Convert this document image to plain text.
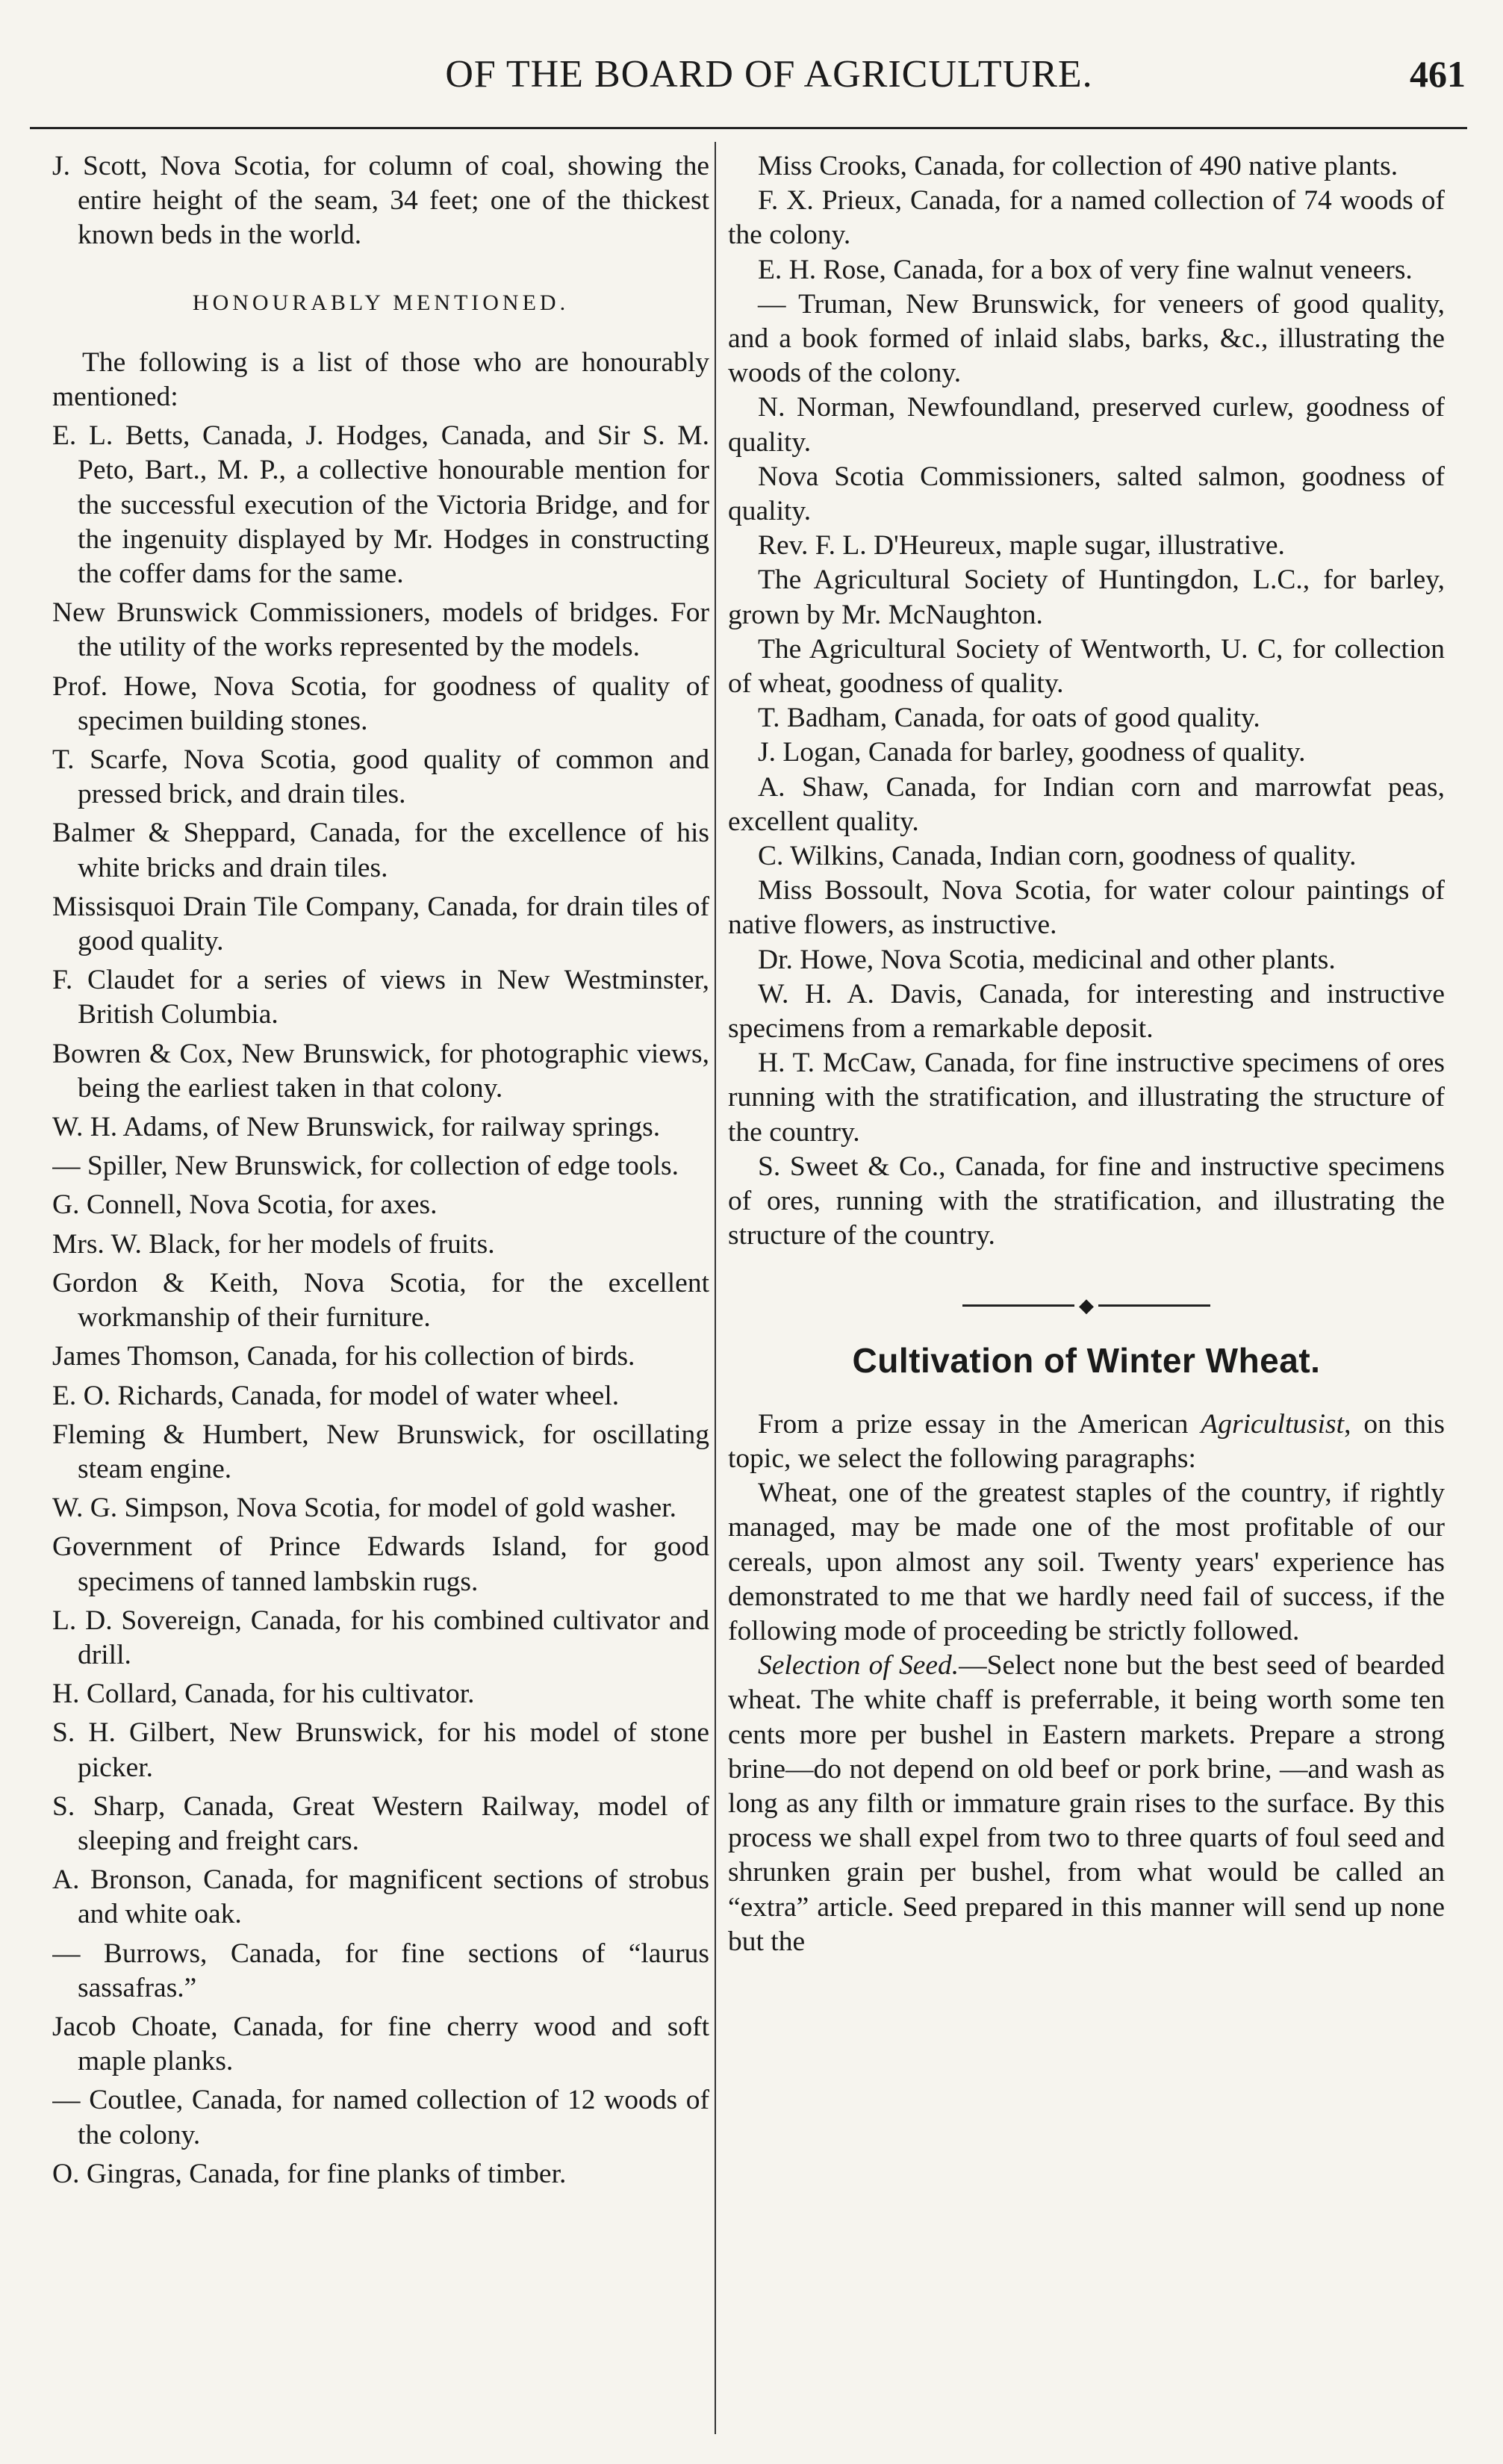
OF THE BOARD OF AGRICULTURE.	461

J. Scott, Nova Scotia, for column of coal, showing the entire height of the seam, 34 feet; one of the thickest known beds in the world.

HONOURABLY MENTIONED.

The following is a list of those who are honourably mentioned:

E. L. Betts, Canada, J. Hodges, Canada, and Sir S. M. Peto, Bart., M. P., a collective honourable mention for the successful execution of the Victoria Bridge, and for the ingenuity displayed by Mr. Hodges in constructing the coffer dams for the same.

New Brunswick Commissioners, models of bridges. For the utility of the works represented by the models.

Prof. Howe, Nova Scotia, for goodness of quality of specimen building stones.

T. Scarfe, Nova Scotia, good quality of common and pressed brick, and drain tiles.

Balmer & Sheppard, Canada, for the excellence of his white bricks and drain tiles.

Missisquoi Drain Tile Company, Canada, for drain tiles of good quality.

F. Claudet for a series of views in New Westminster, British Columbia.

Bowren & Cox, New Brunswick, for photographic views, being the earliest taken in that colony.

W. H. Adams, of New Brunswick, for railway springs.

— Spiller, New Brunswick, for collection of edge tools.

G. Connell, Nova Scotia, for axes.

Mrs. W. Black, for her models of fruits.

Gordon & Keith, Nova Scotia, for the excellent workmanship of their furniture.

James Thomson, Canada, for his collection of birds.

E. O. Richards, Canada, for model of water wheel.

Fleming & Humbert, New Brunswick, for oscillating steam engine.

W. G. Simpson, Nova Scotia, for model of gold washer.

Government of Prince Edwards Island, for good specimens of tanned lambskin rugs.

L. D. Sovereign, Canada, for his combined cultivator and drill.

H. Collard, Canada, for his cultivator.

S. H. Gilbert, New Brunswick, for his model of stone picker.

S. Sharp, Canada, Great Western Railway, model of sleeping and freight cars.

A. Bronson, Canada, for magnificent sections of strobus and white oak.

— Burrows, Canada, for fine sections of “laurus sassafras.”

Jacob Choate, Canada, for fine cherry wood and soft maple planks.

— Coutlee, Canada, for named collection of 12 woods of the colony.

O. Gingras, Canada, for fine planks of timber.

Miss Crooks, Canada, for collection of 490 native plants.

F. X. Prieux, Canada, for a named collection of 74 woods of the colony.

E. H. Rose, Canada, for a box of very fine walnut veneers.

— Truman, New Brunswick, for veneers of good quality, and a book formed of inlaid slabs, barks, &c., illustrating the woods of the colony.

N. Norman, Newfoundland, preserved curlew, goodness of quality.

Nova Scotia Commissioners, salted salmon, goodness of quality.

Rev. F. L. D'Heureux, maple sugar, illustrative.

The Agricultural Society of Huntingdon, L.C., for barley, grown by Mr. McNaughton.

The Agricultural Society of Wentworth, U. C, for collection of wheat, goodness of quality.

T. Badham, Canada, for oats of good quality.

J. Logan, Canada for barley, goodness of quality.

A. Shaw, Canada, for Indian corn and marrowfat peas, excellent quality.

C. Wilkins, Canada, Indian corn, goodness of quality.

Miss Bossoult, Nova Scotia, for water colour paintings of native flowers, as instructive.

Dr. Howe, Nova Scotia, medicinal and other plants.

W. H. A. Davis, Canada, for interesting and instructive specimens from a remarkable deposit.

H. T. McCaw, Canada, for fine instructive specimens of ores running with the stratification, and illustrating the structure of the country.

S. Sweet & Co., Canada, for fine and instructive specimens of ores, running with the stratification, and illustrating the structure of the country.

◆
Cultivation of Winter Wheat.

From a prize essay in the American Agricultusist, on this topic, we select the following paragraphs:

Wheat, one of the greatest staples of the country, if rightly managed, may be made one of the most profitable of our cereals, upon almost any soil. Twenty years' experience has demonstrated to me that we hardly need fail of success, if the following mode of proceeding be strictly followed.

Selection of Seed.—Select none but the best seed of bearded wheat. The white chaff is preferrable, it being worth some ten cents more per bushel in Eastern markets. Prepare a strong brine—do not depend on old beef or pork brine, —and wash as long as any filth or immature grain rises to the surface. By this process we shall expel from two to three quarts of foul seed and shrunken grain per bushel, from what would be called an “extra” article. Seed prepared in this manner will send up none but the
